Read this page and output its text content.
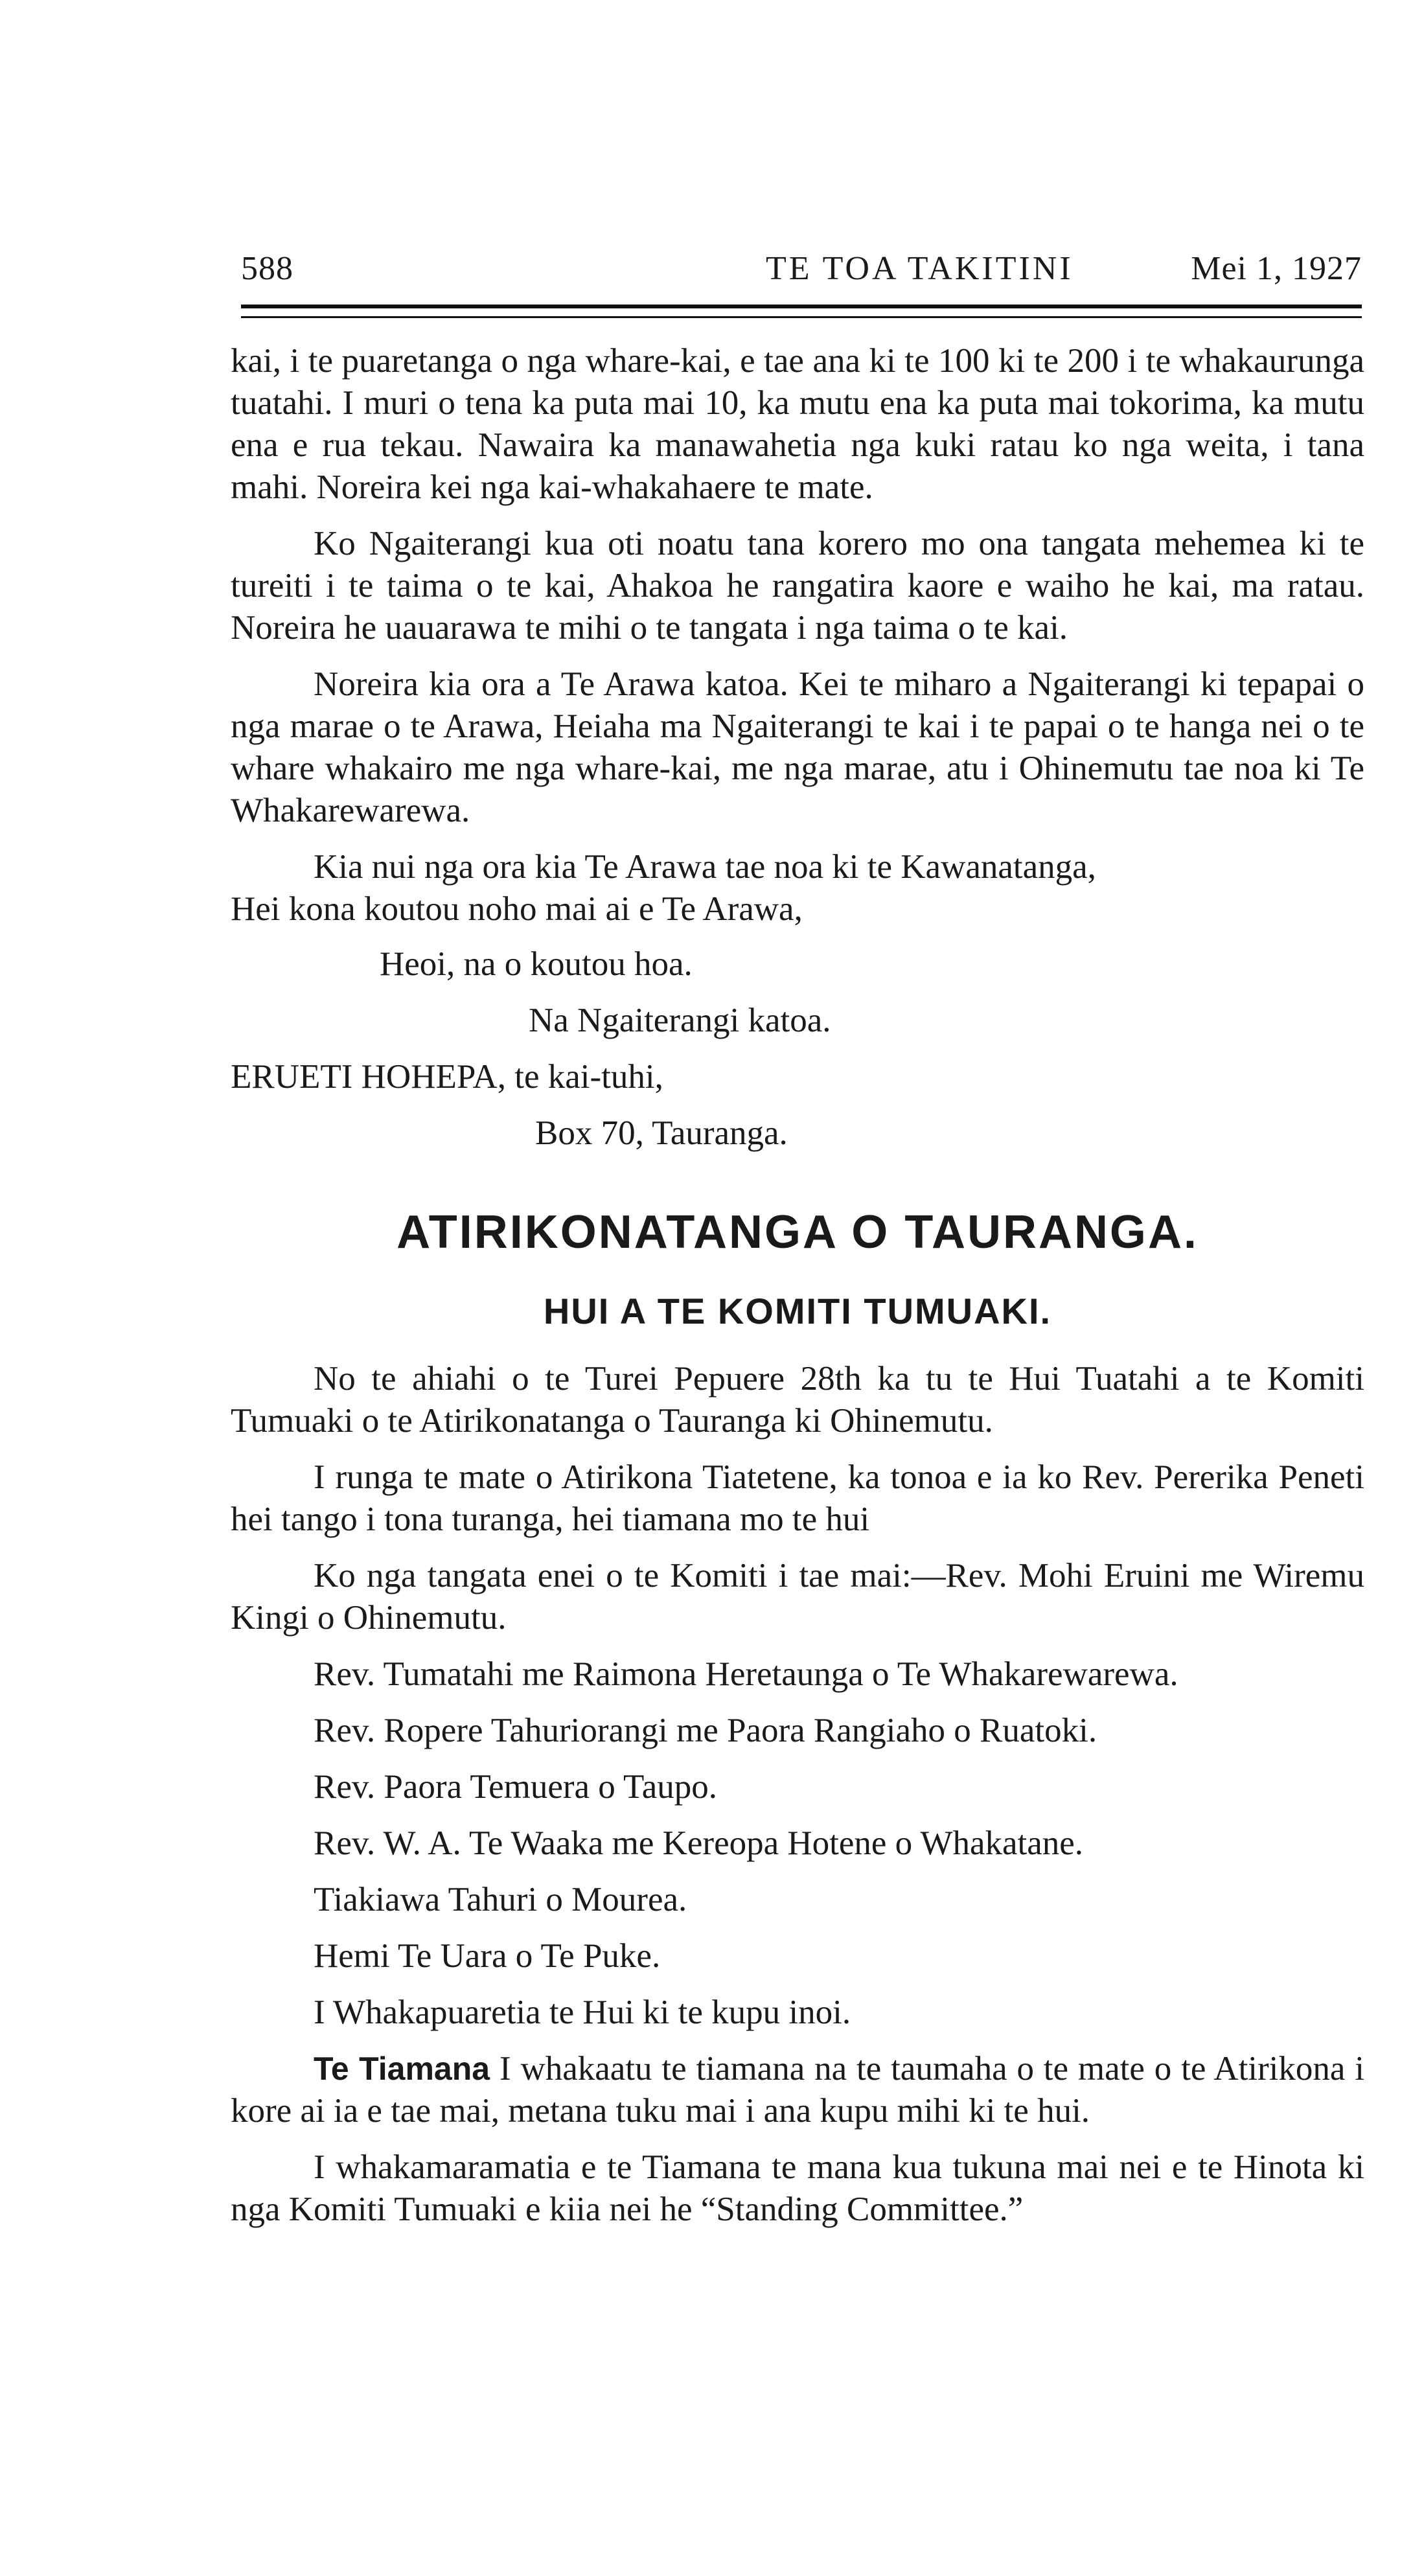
588	TE TOA TAKITINI	Mei 1, 1927

kai, i te puaretanga o nga whare-kai, e tae ana ki te 100 ki te 200 i te whakaurunga tuatahi. I muri o tena ka puta mai 10, ka mutu ena ka puta mai tokorima, ka mutu ena e rua tekau. Nawaira ka manawahetia nga kuki ratau ko nga weita, i tana mahi. Noreira kei nga kai-whakahaere te mate.

Ko Ngaiterangi kua oti noatu tana korero mo ona tangata mehemea ki te tureiti i te taima o te kai, Ahakoa he rangatira kaore e waiho he kai, ma ratau. Noreira he uauarawa te mihi o te tangata i nga taima o te kai.

Noreira kia ora a Te Arawa katoa. Kei te miharo a Ngaiterangi ki tepapai o nga marae o te Arawa, Heiaha ma Ngaiterangi te kai i te papai o te hanga nei o te whare whakairo me nga whare-kai, me nga marae, atu i Ohinemutu tae noa ki Te Whakarewarewa.

Kia nui nga ora kia Te Arawa tae noa ki te Kawanatanga,

Hei kona koutou noho mai ai e Te Arawa,

Heoi, na o koutou hoa.

Na Ngaiterangi katoa.

ERUETI HOHEPA, te kai-tuhi,

Box 70, Tauranga.

ATIRIKONATANGA O TAURANGA.
HUI A TE KOMITI TUMUAKI.

No te ahiahi o te Turei Pepuere 28th ka tu te Hui Tuatahi a te Komiti Tumuaki o te Atirikonatanga o Tauranga ki Ohinemutu.

I runga te mate o Atirikona Tiatetene, ka tonoa e ia ko Rev. Pererika Peneti hei tango i tona turanga, hei tiamana mo te hui

Ko nga tangata enei o te Komiti i tae mai:—Rev. Mohi Eruini me Wiremu Kingi o Ohinemutu.

Rev. Tumatahi me Raimona Heretaunga o Te Whakarewarewa.

Rev. Ropere Tahuriorangi me Paora Rangiaho o Ruatoki.

Rev. Paora Temuera o Taupo.

Rev. W. A. Te Waaka me Kereopa Hotene o Whakatane.

Tiakiawa Tahuri o Mourea.

Hemi Te Uara o Te Puke.

I Whakapuaretia te Hui ki te kupu inoi.

Te Tiamana I whakaatu te tiamana na te taumaha o te mate o te Atirikona i kore ai ia e tae mai, metana tuku mai i ana kupu mihi ki te hui.

I whakamaramatia e te Tiamana te mana kua tukuna mai nei e te Hinota ki nga Komiti Tumuaki e kiia nei he “Standing Committee.”
